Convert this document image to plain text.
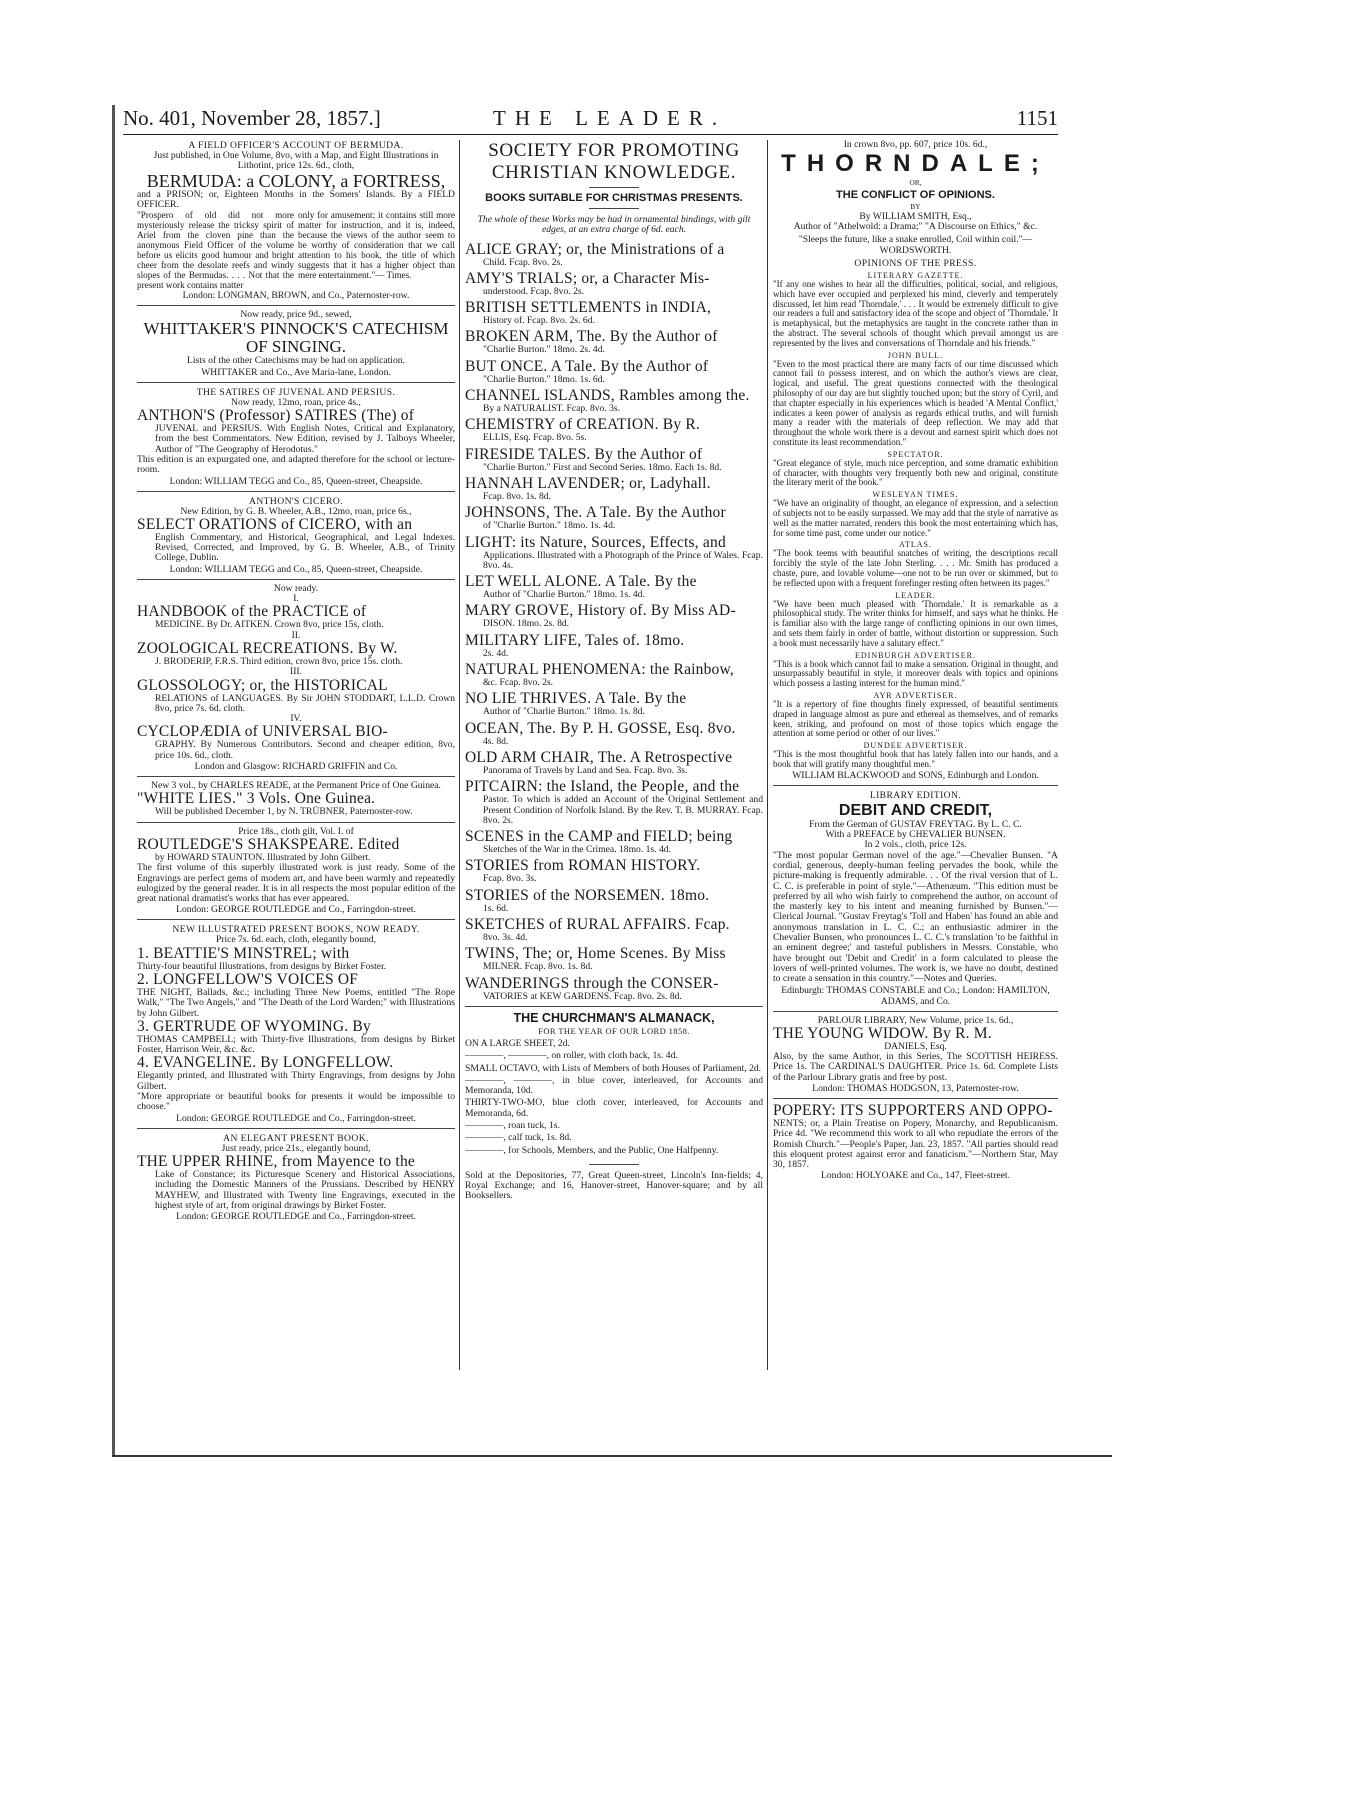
No. 401, November 28, 1857.]	THE LEADER.	1151
A FIELD OFFICER'S ACCOUNT OF BERMUDA.
Just published, in One Volume, 8vo, with a Map, and Eight Illustrations in Lithotint, price 12s. 6d., cloth,
BERMUDA: a COLONY, a FORTRESS,
and a PRISON; or, Eighteen Months in the Somers' Islands. By a FIELD OFFICER.
"Prospero of old did not more mysteriously release the tricksy spirit of Ariel from the cloven pine than the anonymous Field Officer of the volume before us elicits good humour and bright cheer from the desolate reefs and windy slopes of the Bermudas. . . . Not that the present work contains matter
only for amusement; it contains still more matter for instruction, and it is, indeed, because the views of the author seem to be worthy of consideration that we call attention to his book, the title of which suggests that it has a higher object than mere entertainment."— Times.
London: LONGMAN, BROWN, and Co., Paternoster-row.
Now ready, price 9d., sewed,
WHITTAKER'S PINNOCK'S CATECHISM OF SINGING.
Lists of the other Catechisms may be had on application.
WHITTAKER and Co., Ave Maria-lane, London.
THE SATIRES OF JUVENAL AND PERSIUS.
Now ready, 12mo, roan, price 4s.,
ANTHON'S (Professor) SATIRES (The) of
JUVENAL and PERSIUS. With English Notes, Critical and Explanatory, from the best Commentators. New Edition, revised by J. Talboys Wheeler, Author of "The Geography of Herodotus."
This edition is an expurgated one, and adapted therefore for the school or lecture-room.
London: WILLIAM TEGG and Co., 85, Queen-street, Cheapside.
ANTHON'S CICERO.
New Edition, by G. B. Wheeler, A.B., 12mo, roan, price 6s.,
SELECT ORATIONS of CICERO, with an
English Commentary, and Historical, Geographical, and Legal Indexes. Revised, Corrected, and Improved, by G. B. Wheeler, A.B., of Trinity College, Dublin.
London: WILLIAM TEGG and Co., 85, Queen-street, Cheapside.
Now ready.
I.
HANDBOOK of the PRACTICE of
MEDICINE. By Dr. AITKEN. Crown 8vo, price 15s, cloth.
II.
ZOOLOGICAL RECREATIONS. By W.
J. BRODERIP, F.R.S. Third edition, crown 8vo, price 15s. cloth.
III.
GLOSSOLOGY; or, the HISTORICAL
RELATIONS of LANGUAGES. By Sir JOHN STODDART, L.L.D. Crown 8vo, price 7s. 6d. cloth.
IV.
CYCLOPÆDIA of UNIVERSAL BIO-
GRAPHY. By Numerous Contributors. Second and cheaper edition, 8vo, price 10s. 6d., cloth.
London and Glasgow: RICHARD GRIFFIN and Co.
New 3 vol., by CHARLES READE, at the Permanent Price of One Guinea.
"WHITE LIES." 3 Vols. One Guinea.
Will be published December 1, by N. TRÜBNER, Paternoster-row.
Price 18s., cloth gilt, Vol. I. of
ROUTLEDGE'S SHAKSPEARE. Edited
by HOWARD STAUNTON. Illustrated by John Gilbert.
The first volume of this superbly illustrated work is just ready. Some of the Engravings are perfect gems of modern art, and have been warmly and repeatedly eulogized by the general reader. It is in all respects the most popular edition of the great national dramatist's works that has ever appeared.
London: GEORGE ROUTLEDGE and Co., Farringdon-street.
NEW ILLUSTRATED PRESENT BOOKS, NOW READY.
Price 7s. 6d. each, cloth, elegantly bound,
1. BEATTIE'S MINSTREL; with
Thirty-four beautiful Illustrations, from designs by Birket Foster.
2. LONGFELLOW'S VOICES OF
THE NIGHT, Ballads, &c.; including Three New Poems, entitled "The Rope Walk," "The Two Angels," and "The Death of the Lord Warden;" with Illustrations by John Gilbert.
3. GERTRUDE OF WYOMING. By
THOMAS CAMPBELL; with Thirty-five Illustrations, from designs by Birket Foster, Harrison Weir, &c. &c.
4. EVANGELINE. By LONGFELLOW.
Elegantly printed, and Illustrated with Thirty Engravings, from designs by John Gilbert.
"More appropriate or beautiful books for presents it would be impossible to choose."
London: GEORGE ROUTLEDGE and Co., Farringdon-street.
AN ELEGANT PRESENT BOOK.
Just ready, price 21s., elegantly bound,
THE UPPER RHINE, from Mayence to the
Lake of Constance; its Picturesque Scenery and Historical Associations, including the Domestic Manners of the Prussians. Described by HENRY MAYHEW, and Illustrated with Twenty line Engravings, executed in the highest style of art, from original drawings by Birket Foster.
London: GEORGE ROUTLEDGE and Co., Farringdon-street.
SOCIETY FOR PROMOTING CHRISTIAN KNOWLEDGE.
BOOKS SUITABLE FOR CHRISTMAS PRESENTS.
The whole of these Works may be had in ornamental bindings, with gilt edges, at an extra charge of 6d. each.
ALICE GRAY; or, the Ministrations of a
Child. Fcap. 8vo. 2s.
AMY'S TRIALS; or, a Character Mis-
understood. Fcap. 8vo. 2s.
BRITISH SETTLEMENTS in INDIA,
History of. Fcap. 8vo. 2s. 6d.
BROKEN ARM, The. By the Author of
"Charlie Burton." 18mo. 2s. 4d.
BUT ONCE. A Tale. By the Author of
"Charlie Burton." 18mo. 1s. 6d.
CHANNEL ISLANDS, Rambles among the.
By a NATURALIST. Fcap. 8vo. 3s.
CHEMISTRY of CREATION. By R.
ELLIS, Esq. Fcap. 8vo. 5s.
FIRESIDE TALES. By the Author of
"Charlie Burton." First and Second Series. 18mo. Each 1s. 8d.
HANNAH LAVENDER; or, Ladyhall.
Fcap. 8vo. 1s. 8d.
JOHNSONS, The. A Tale. By the Author
of "Charlie Burton." 18mo. 1s. 4d.
LIGHT: its Nature, Sources, Effects, and
Applications. Illustrated with a Photograph of the Prince of Wales. Fcap. 8vo. 4s.
LET WELL ALONE. A Tale. By the
Author of "Charlie Burton." 18mo. 1s. 4d.
MARY GROVE, History of. By Miss AD-
DISON. 18mo. 2s. 8d.
MILITARY LIFE, Tales of. 18mo.
2s. 4d.
NATURAL PHENOMENA: the Rainbow,
&c. Fcap. 8vo. 2s.
NO LIE THRIVES. A Tale. By the
Author of "Charlie Burton." 18mo. 1s. 8d.
OCEAN, The. By P. H. GOSSE, Esq. 8vo.
4s. 8d.
OLD ARM CHAIR, The. A Retrospective
Panorama of Travels by Land and Sea. Fcap. 8vo. 3s.
PITCAIRN: the Island, the People, and the
Pastor. To which is added an Account of the Original Settlement and Present Condition of Norfolk Island. By the Rev. T. B. MURRAY. Fcap. 8vo. 2s.
SCENES in the CAMP and FIELD; being
Sketches of the War in the Crimea. 18mo. 1s. 4d.
STORIES from ROMAN HISTORY.
Fcap. 8vo. 3s.
STORIES of the NORSEMEN. 18mo.
1s. 6d.
SKETCHES of RURAL AFFAIRS. Fcap.
8vo. 3s. 4d.
TWINS, The; or, Home Scenes. By Miss
MILNER. Fcap. 8vo. 1s. 8d.
WANDERINGS through the CONSER-
VATORIES at KEW GARDENS. Fcap. 8vo. 2s. 8d.
THE CHURCHMAN'S ALMANACK,
FOR THE YEAR OF OUR LORD 1858.
ON A LARGE SHEET, 2d.
————, ————, on roller, with cloth back, 1s. 4d.
SMALL OCTAVO, with Lists of Members of both Houses of Parliament, 2d.
————, ————, in blue cover, interleaved, for Accounts and Memoranda, 10d.
THIRTY-TWO-MO, blue cloth cover, interleaved, for Accounts and Memoranda, 6d.
————, roan tuck, 1s.
————, calf tuck, 1s. 8d.
————, for Schools, Members, and the Public, One Halfpenny.
Sold at the Depositories, 77, Great Queen-street, Lincoln's Inn-fields; 4, Royal Exchange; and 16, Hanover-street, Hanover-square; and by all Booksellers.
In crown 8vo, pp. 607, price 10s. 6d.,
THORNDALE;
OR,
THE CONFLICT OF OPINIONS.
BY
By WILLIAM SMITH, Esq.,
Author of "Athelwold: a Drama;" "A Discourse on Ethics," &c.
"Sleeps the future, like a snake enrolled, Coil within coil."—WORDSWORTH.
OPINIONS OF THE PRESS.
LITERARY GAZETTE.
"If any one wishes to hear all the difficulties, political, social, and religious, which have ever occupied and perplexed his mind, cleverly and temperately discussed, let him read 'Thorndale.' . . . It would be extremely difficult to give our readers a full and satisfactory idea of the scope and object of 'Thorndale.' It is metaphysical, but the metaphysics are taught in the concrete rather than in the abstract. The several schools of thought which prevail amongst us are represented by the lives and conversations of Thorndale and his friends."
JOHN BULL.
"Even to the most practical there are many facts of our time discussed which cannot fail to possess interest, and on which the author's views are clear, logical, and useful. The great questions connected with the theological philosophy of our day are but slightly touched upon; but the story of Cyril, and that chapter especially in his experiences which is headed 'A Mental Conflict,' indicates a keen power of analysis as regards ethical truths, and will furnish many a reader with the materials of deep reflection. We may add that throughout the whole work there is a devout and earnest spirit which does not constitute its least recommendation."
SPECTATOR.
"Great elegance of style, much nice perception, and some dramatic exhibition of character, with thoughts very frequently both new and original, constitute the literary merit of the book."
WESLEYAN TIMES.
"We have an originality of thought, an elegance of expression, and a selection of subjects not to be easily surpassed. We may add that the style of narrative as well as the matter narrated, renders this book the most entertaining which has, for some time past, come under our notice."
ATLAS.
"The book teems with beautiful snatches of writing, the descriptions recall forcibly the style of the late John Sterling. . . . Mr. Smith has produced a chaste, pure, and lovable volume—one not to be run over or skimmed, but to be reflected upon with a frequent forefinger resting often between its pages."
LEADER.
"We have been much pleased with 'Thorndale.' It is remarkable as a philosophical study. The writer thinks for himself, and says what he thinks. He is familiar also with the large range of conflicting opinions in our own times, and sets them fairly in order of battle, without distortion or suppression. Such a book must necessarily have a salutary effect."
EDINBURGH ADVERTISER.
"This is a book which cannot fail to make a sensation. Original in thought, and unsurpassably beautiful in style, it moreover deals with topics and opinions which possess a lasting interest for the human mind."
AYR ADVERTISER.
"It is a repertory of fine thoughts finely expressed, of beautiful sentiments draped in language almost as pure and ethereal as themselves, and of remarks keen, striking, and profound on most of those topics which engage the attention at some period or other of our lives."
DUNDEE ADVERTISER.
"This is the most thoughtful book that has lately fallen into our hands, and a book that will gratify many thoughtful men."
WILLIAM BLACKWOOD and SONS, Edinburgh and London.
LIBRARY EDITION.
DEBIT AND CREDIT,
From the German of GUSTAV FREYTAG. By L. C. C.
With a PREFACE by CHEVALIER BUNSEN.
In 2 vols., cloth, price 12s.
"The most popular German novel of the age."—Chevalier Bunsen. "A cordial, generous, deeply-human feeling pervades the book, while the picture-making is frequently admirable. . . Of the rival version that of L. C. C. is preferable in point of style."—Athenæum. "This edition must be preferred by all who wish fairly to comprehend the author, on account of the masterly key to his intent and meaning furnished by Bunsen."—Clerical Journal. "Gustav Freytag's 'Toll and Haben' has found an able and anonymous translation in L. C. C.; an enthusiastic admirer in the Chevalier Bunsen, who pronounces L. C. C.'s translation 'to be faithful in an eminent degree;' and tasteful publishers in Messrs. Constable, who have brought out 'Debit and Credit' in a form calculated to please the lovers of well-printed volumes. The work is, we have no doubt, destined to create a sensation in this country."—Notes and Queries.
Edinburgh: THOMAS CONSTABLE and Co.; London: HAMILTON, ADAMS, and Co.
PARLOUR LIBRARY, New Volume, price 1s. 6d.,
THE YOUNG WIDOW. By R. M.
DANIELS, Esq.
Also, by the same Author, in this Series, The SCOTTISH HEIRESS. Price 1s. The CARDINAL'S DAUGHTER. Price 1s. 6d. Complete Lists of the Parlour Library gratis and free by post.
London: THOMAS HODGSON, 13, Paternoster-row.
POPERY: ITS SUPPORTERS AND OPPO-
NENTS; or, a Plain Treatise on Popery, Monarchy, and Republicanism. Price 4d. "We recommend this work to all who repudiate the errors of the Romish Church."—People's Paper, Jan. 23, 1857. "All parties should read this eloquent protest against error and fanaticism."—Northern Star, May 30, 1857.
London: HOLYOAKE and Co., 147, Fleet-street.
